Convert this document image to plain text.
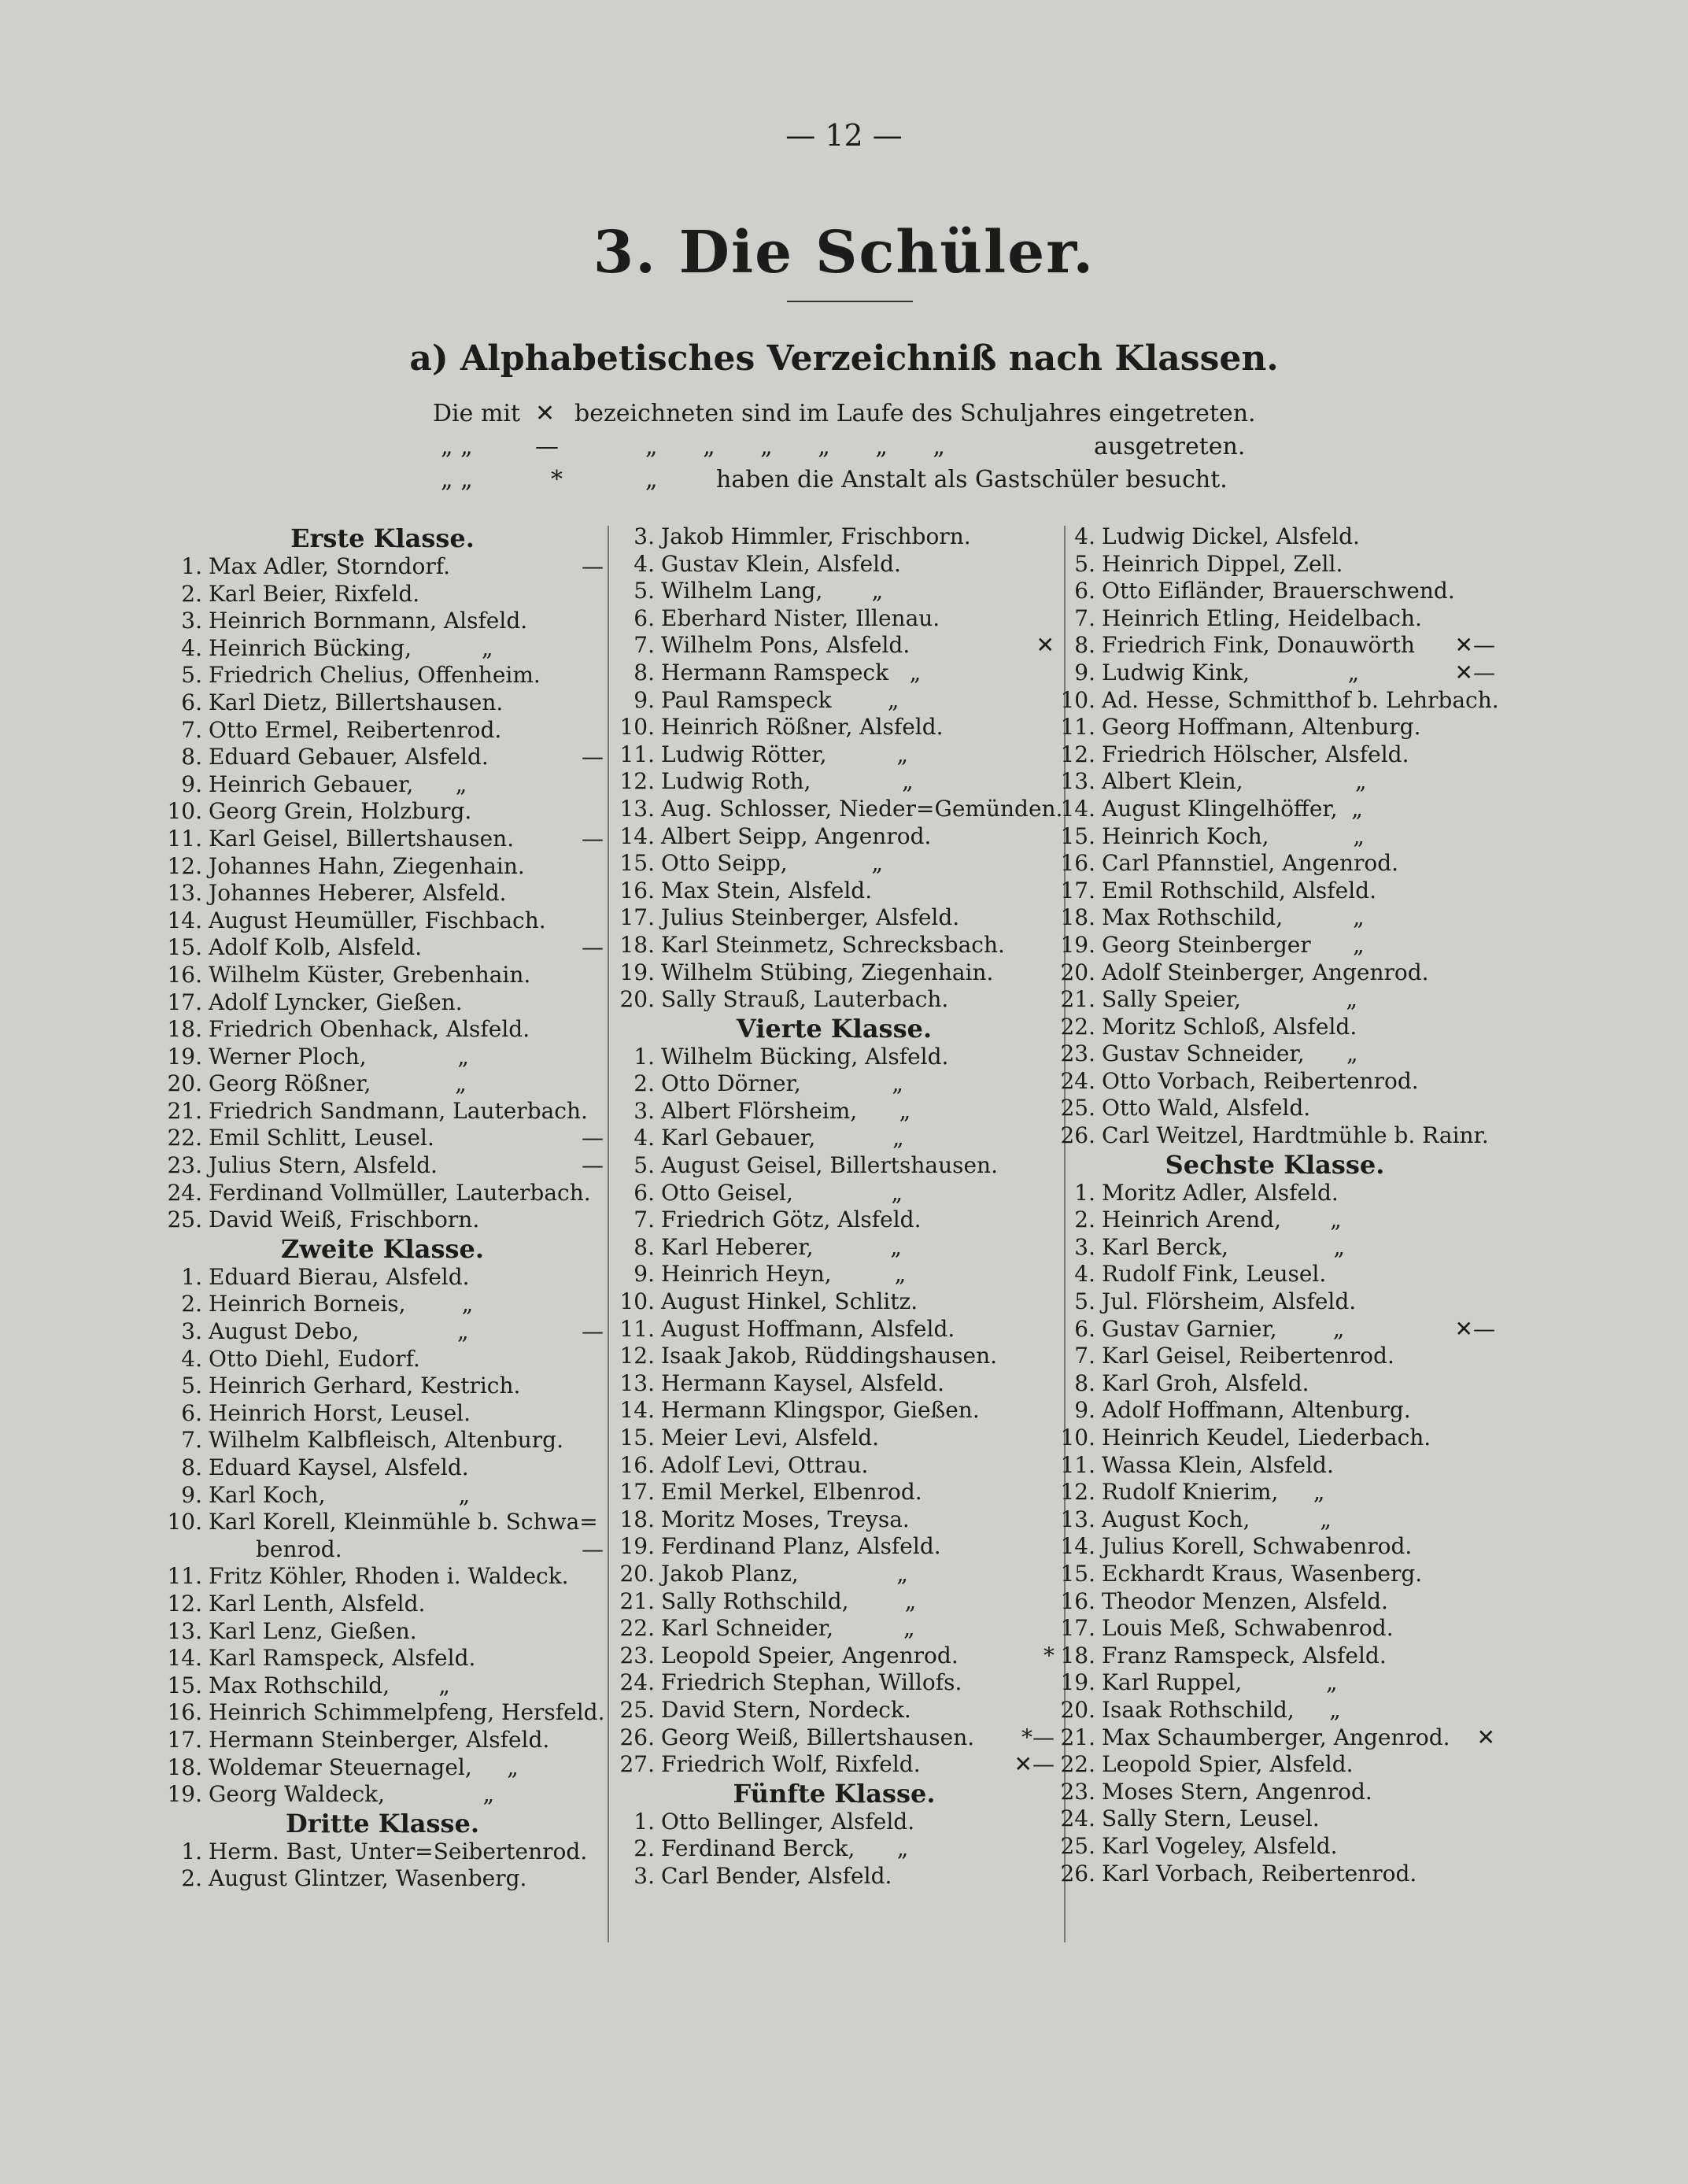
— 12 —
3. Die Schüler.
a) Alphabetisches Verzeichniß nach Klassen.
Die mit ✕ bezeichneten sind im Laufe des Schuljahres eingetreten.
„ „	—	„ „ „ „ „ „	ausgetreten.
„ „	*	„ haben die Anstalt als Gastschüler besucht.
Erste Klasse.
1. Max Adler, Storndorf.	—
2. Karl Beier, Rixfeld.
3. Heinrich Bornmann, Alsfeld.
4. Heinrich Bücking,          „
5. Friedrich Chelius, Offenheim.
6. Karl Dietz, Billertshausen.
7. Otto Ermel, Reibertenrod.
8. Eduard Gebauer, Alsfeld.	—
9. Heinrich Gebauer,      „
10. Georg Grein, Holzburg.
11. Karl Geisel, Billertshausen.	—
12. Johannes Hahn, Ziegenhain.
13. Johannes Heberer, Alsfeld.
14. August Heumüller, Fischbach.
15. Adolf Kolb, Alsfeld.	—
16. Wilhelm Küster, Grebenhain.
17. Adolf Lyncker, Gießen.
18. Friedrich Obenhack, Alsfeld.
19. Werner Ploch,             „
20. Georg Rößner,            „
21. Friedrich Sandmann, Lauterbach.
22. Emil Schlitt, Leusel.	—
23. Julius Stern, Alsfeld.	—
24. Ferdinand Vollmüller, Lauterbach.
25. David Weiß, Frischborn.
Zweite Klasse.
1. Eduard Bierau, Alsfeld.
2. Heinrich Borneis,        „
3. August Debo,              „	—
4. Otto Diehl, Eudorf.
5. Heinrich Gerhard, Kestrich.
6. Heinrich Horst, Leusel.
7. Wilhelm Kalbfleisch, Altenburg.
8. Eduard Kaysel, Alsfeld.
9. Karl Koch,                   „
10. Karl Korell, Kleinmühle b. Schwa=
benrod.	—
11. Fritz Köhler, Rhoden i. Waldeck.
12. Karl Lenth, Alsfeld.
13. Karl Lenz, Gießen.
14. Karl Ramspeck, Alsfeld.
15. Max Rothschild,       „
16. Heinrich Schimmelpfeng, Hersfeld.
17. Hermann Steinberger, Alsfeld.
18. Woldemar Steuernagel,     „
19. Georg Waldeck,              „
Dritte Klasse.
1. Herm. Bast, Unter=Seibertenrod.
2. August Glintzer, Wasenberg.
3. Jakob Himmler, Frischborn.
4. Gustav Klein, Alsfeld.
5. Wilhelm Lang,       „
6. Eberhard Nister, Illenau.
7. Wilhelm Pons, Alsfeld.	✕
8. Hermann Ramspeck   „
9. Paul Ramspeck        „
10. Heinrich Rößner, Alsfeld.
11. Ludwig Rötter,          „
12. Ludwig Roth,             „
13. Aug. Schlosser, Nieder=Gemünden.
14. Albert Seipp, Angenrod.
15. Otto Seipp,            „
16. Max Stein, Alsfeld.
17. Julius Steinberger, Alsfeld.
18. Karl Steinmetz, Schrecksbach.
19. Wilhelm Stübing, Ziegenhain.
20. Sally Strauß, Lauterbach.
Vierte Klasse.
1. Wilhelm Bücking, Alsfeld.
2. Otto Dörner,             „
3. Albert Flörsheim,      „
4. Karl Gebauer,           „
5. August Geisel, Billertshausen.
6. Otto Geisel,              „
7. Friedrich Götz, Alsfeld.
8. Karl Heberer,           „
9. Heinrich Heyn,         „
10. August Hinkel, Schlitz.
11. August Hoffmann, Alsfeld.
12. Isaak Jakob, Rüddingshausen.
13. Hermann Kaysel, Alsfeld.
14. Hermann Klingspor, Gießen.
15. Meier Levi, Alsfeld.
16. Adolf Levi, Ottrau.
17. Emil Merkel, Elbenrod.
18. Moritz Moses, Treysa.
19. Ferdinand Planz, Alsfeld.
20. Jakob Planz,              „
21. Sally Rothschild,        „
22. Karl Schneider,          „
23. Leopold Speier, Angenrod.	*
24. Friedrich Stephan, Willofs.
25. David Stern, Nordeck.
26. Georg Weiß, Billertshausen. *—
27. Friedrich Wolf, Rixfeld.	✕—
Fünfte Klasse.
1. Otto Bellinger, Alsfeld.
2. Ferdinand Berck,      „
3. Carl Bender, Alsfeld.
4. Ludwig Dickel, Alsfeld.
5. Heinrich Dippel, Zell.
6. Otto Eifländer, Brauerschwend.
7. Heinrich Etling, Heidelbach.
8. Friedrich Fink, Donauwörth ✕—
9. Ludwig Kink,              „	✕—
10. Ad. Hesse, Schmitthof b. Lehrbach.
11. Georg Hoffmann, Altenburg.
12. Friedrich Hölscher, Alsfeld.
13. Albert Klein,                „
14. August Klingelhöffer,  „
15. Heinrich Koch,            „
16. Carl Pfannstiel, Angenrod.
17. Emil Rothschild, Alsfeld.
18. Max Rothschild,          „
19. Georg Steinberger      „
20. Adolf Steinberger, Angenrod.
21. Sally Speier,               „
22. Moritz Schloß, Alsfeld.
23. Gustav Schneider,      „
24. Otto Vorbach, Reibertenrod.
25. Otto Wald, Alsfeld.
26. Carl Weitzel, Hardtmühle b. Rainr.
Sechste Klasse.
1. Moritz Adler, Alsfeld.
2. Heinrich Arend,       „
3. Karl Berck,               „
4. Rudolf Fink, Leusel.
5. Jul. Flörsheim, Alsfeld.
6. Gustav Garnier,        „	✕—
7. Karl Geisel, Reibertenrod.
8. Karl Groh, Alsfeld.
9. Adolf Hoffmann, Altenburg.
10. Heinrich Keudel, Liederbach.
11. Wassa Klein, Alsfeld.
12. Rudolf Knierim,     „
13. August Koch,          „
14. Julius Korell, Schwabenrod.
15. Eckhardt Kraus, Wasenberg.
16. Theodor Menzen, Alsfeld.
17. Louis Meß, Schwabenrod.
18. Franz Ramspeck, Alsfeld.
19. Karl Ruppel,            „
20. Isaak Rothschild,     „
21. Max Schaumberger, Angenrod. ✕
22. Leopold Spier, Alsfeld.
23. Moses Stern, Angenrod.
24. Sally Stern, Leusel.
25. Karl Vogeley, Alsfeld.
26. Karl Vorbach, Reibertenrod.
